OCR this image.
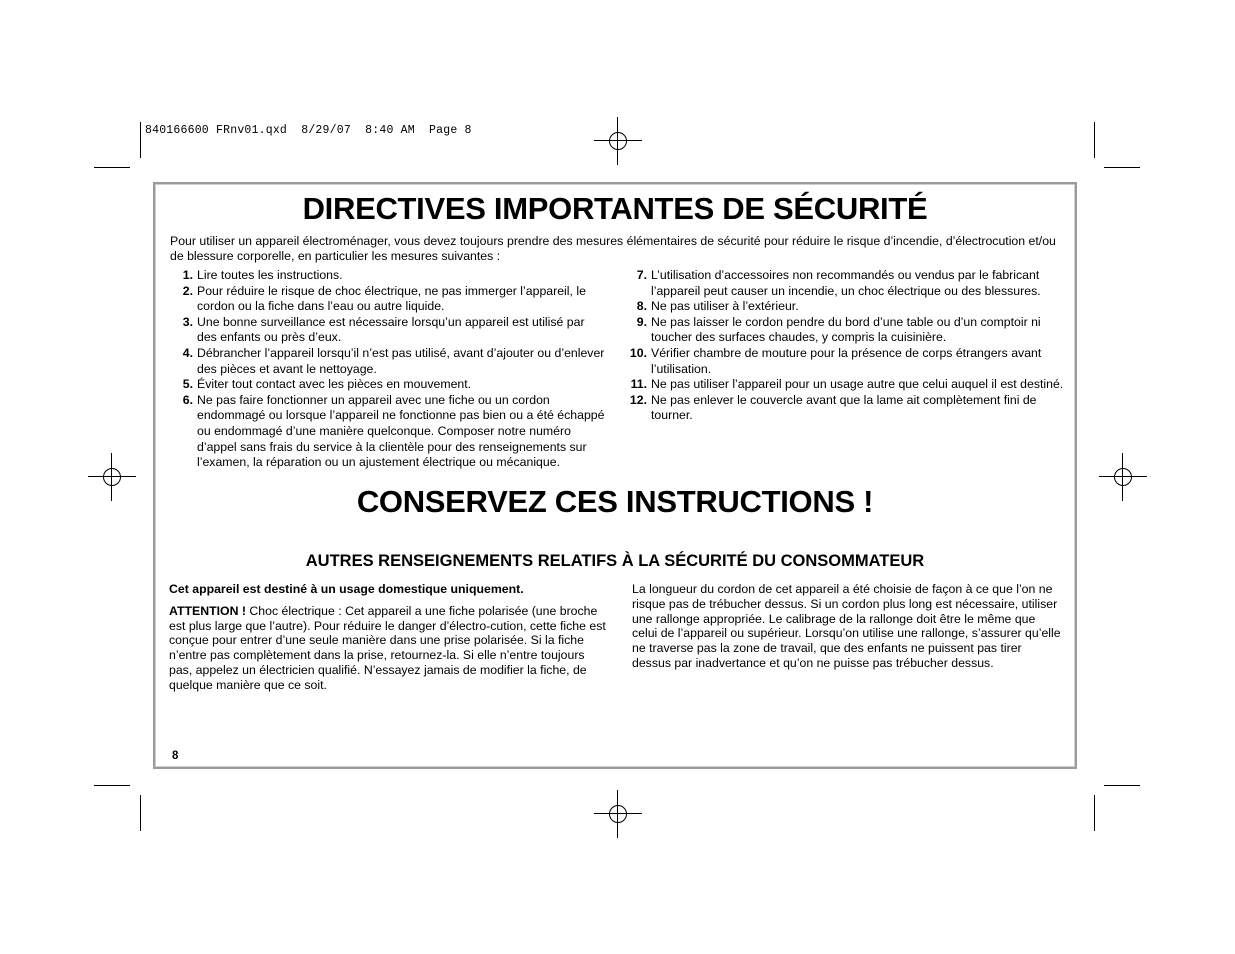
840166600 FRnv01.qxd  8/29/07  8:40 AM  Page 8
DIRECTIVES IMPORTANTES DE SÉCURITÉ
Pour utiliser un appareil électroménager, vous devez toujours prendre des mesures élémentaires de sécurité pour réduire le risque d’incendie, d’électrocution et/ou de blessure corporelle, en particulier les mesures suivantes :
1. Lire toutes les instructions.
2. Pour réduire le risque de choc électrique, ne pas immerger l’appareil, le cordon ou la fiche dans l’eau ou autre liquide.
3. Une bonne surveillance est nécessaire lorsqu’un appareil est utilisé par des enfants ou près d’eux.
4. Débrancher l’appareil lorsqu’il n’est pas utilisé, avant d’ajouter ou d’enlever des pièces et avant le nettoyage.
5. Éviter tout contact avec les pièces en mouvement.
6. Ne pas faire fonctionner un appareil avec une fiche ou un cordon endommagé ou lorsque l’appareil ne fonctionne pas bien ou a été échappé ou endommagé d’une manière quelconque. Composer notre numéro d’appel sans frais du service à la clientèle pour des renseignements sur l’examen, la réparation ou un ajustement électrique ou mécanique.
7. L’utilisation d’accessoires non recommandés ou vendus par le fabricant l’appareil peut causer un incendie, un choc électrique ou des blessures.
8. Ne pas utiliser à l’extérieur.
9. Ne pas laisser le cordon pendre du bord d’une table ou d’un comptoir ni toucher des surfaces chaudes, y compris la cuisinière.
10. Vérifier chambre de mouture pour la présence de corps étrangers avant l’utilisation.
11. Ne pas utiliser l’appareil pour un usage autre que celui auquel il est destiné.
12. Ne pas enlever le couvercle avant que la lame ait complètement fini de tourner.
CONSERVEZ CES INSTRUCTIONS !
AUTRES RENSEIGNEMENTS RELATIFS À LA SÉCURITÉ DU CONSOMMATEUR

Cet appareil est destiné à un usage domestique uniquement.

ATTENTION ! Choc électrique : Cet appareil a une fiche polarisée (une broche est plus large que l’autre). Pour réduire le danger d’électro-cution, cette fiche est conçue pour entrer d’une seule manière dans une prise polarisée. Si la fiche n’entre pas complètement dans la prise, retournez-la. Si elle n’entre toujours pas, appelez un électricien qualifié. N’essayez jamais de modifier la fiche, de quelque manière que ce soit.

La longueur du cordon de cet appareil a été choisie de façon à ce que l’on ne risque pas de trébucher dessus. Si un cordon plus long est nécessaire, utiliser une rallonge appropriée. Le calibrage de la rallonge doit être le même que celui de l’appareil ou supérieur. Lorsqu’on utilise une rallonge, s’assurer qu’elle ne traverse pas la zone de travail, que des enfants ne puissent pas tirer dessus par inadvertance et qu’on ne puisse pas trébucher dessus.
8
